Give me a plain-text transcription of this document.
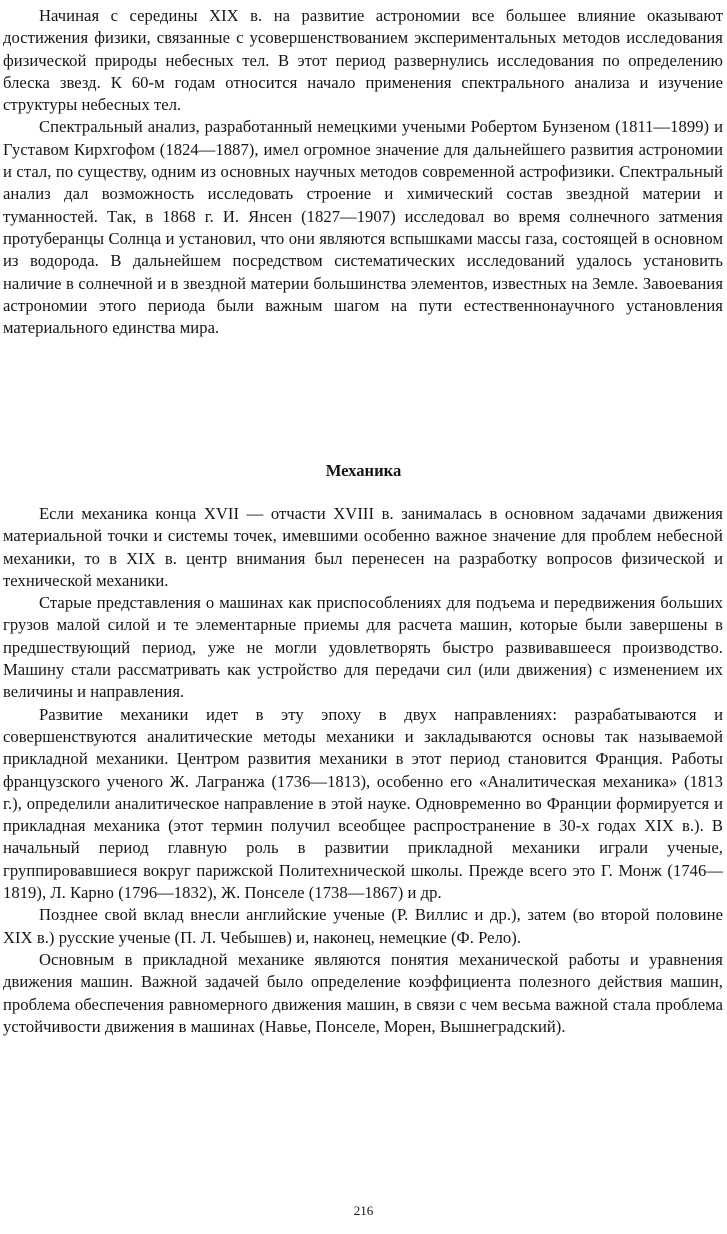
Начиная с середины XIX в. на развитие астрономии все большее влияние оказывают достижения физики, связанные с усовершенствованием экспериментальных методов исследования физической природы небесных тел. В этот период развернулись исследования по определению блеска звезд. К 60-м годам относится начало применения спектрального анализа и изучение структуры небесных тел.

Спектральный анализ, разработанный немецкими учеными Робертом Бунзеном (1811—1899) и Густавом Кирхгофом (1824—1887), имел огромное значение для дальнейшего развития астрономии и стал, по существу, одним из основных научных методов современной астрофизики. Спектральный анализ дал возможность исследовать строение и химический состав звездной материи и туманностей. Так, в 1868 г. И. Янсен (1827—1907) исследовал во время солнечного затмения протуберанцы Солнца и установил, что они являются вспышками массы газа, состоящей в основном из водорода. В дальнейшем посредством систематических исследований удалось установить наличие в солнечной и в звездной материи большинства элементов, известных на Земле. Завоевания астрономии этого периода были важным шагом на пути естественнонаучного установления материального единства мира.

Механика

Если механика конца XVII — отчасти XVIII в. занималась в основном задачами движения материальной точки и системы точек, имевшими особенно важное значение для проблем небесной механики, то в XIX в. центр внимания был перенесен на разработку вопросов физической и технической механики.

Старые представления о машинах как приспособлениях для подъема и передвижения больших грузов малой силой и те элементарные приемы для расчета машин, которые были завершены в предшествующий период, уже не могли удовлетворять быстро развивавшееся производство. Машину стали рассматривать как устройство для передачи сил (или движения) с изменением их величины и направления.

Развитие механики идет в эту эпоху в двух направлениях: разрабатываются и совершенствуются аналитические методы механики и закладываются основы так называемой прикладной механики. Центром развития механики в этот период становится Франция. Работы французского ученого Ж. Лагранжа (1736—1813), особенно его «Аналитическая механика» (1813 г.), определили аналитическое направление в этой науке. Одновременно во Франции формируется и прикладная механика (этот термин получил всеобщее распространение в 30-х годах XIX в.). В начальный период главную роль в развитии прикладной механики играли ученые, группировавшиеся вокруг парижской Политехнической школы. Прежде всего это Г. Монж (1746—1819), Л. Карно (1796—1832), Ж. Понселе (1738—1867) и др.

Позднее свой вклад внесли английские ученые (Р. Виллис и др.), затем (во второй половине XIX в.) русские ученые (П. Л. Чебышев) и, наконец, немецкие (Ф. Рело).

Основным в прикладной механике являются понятия механической работы и уравнения движения машин. Важной задачей было определение коэффициента полезного действия машин, проблема обеспечения равномерного движения машин, в связи с чем весьма важной стала проблема устойчивости движения в машинах (Навье, Понселе, Морен, Вышнеградский).

216
